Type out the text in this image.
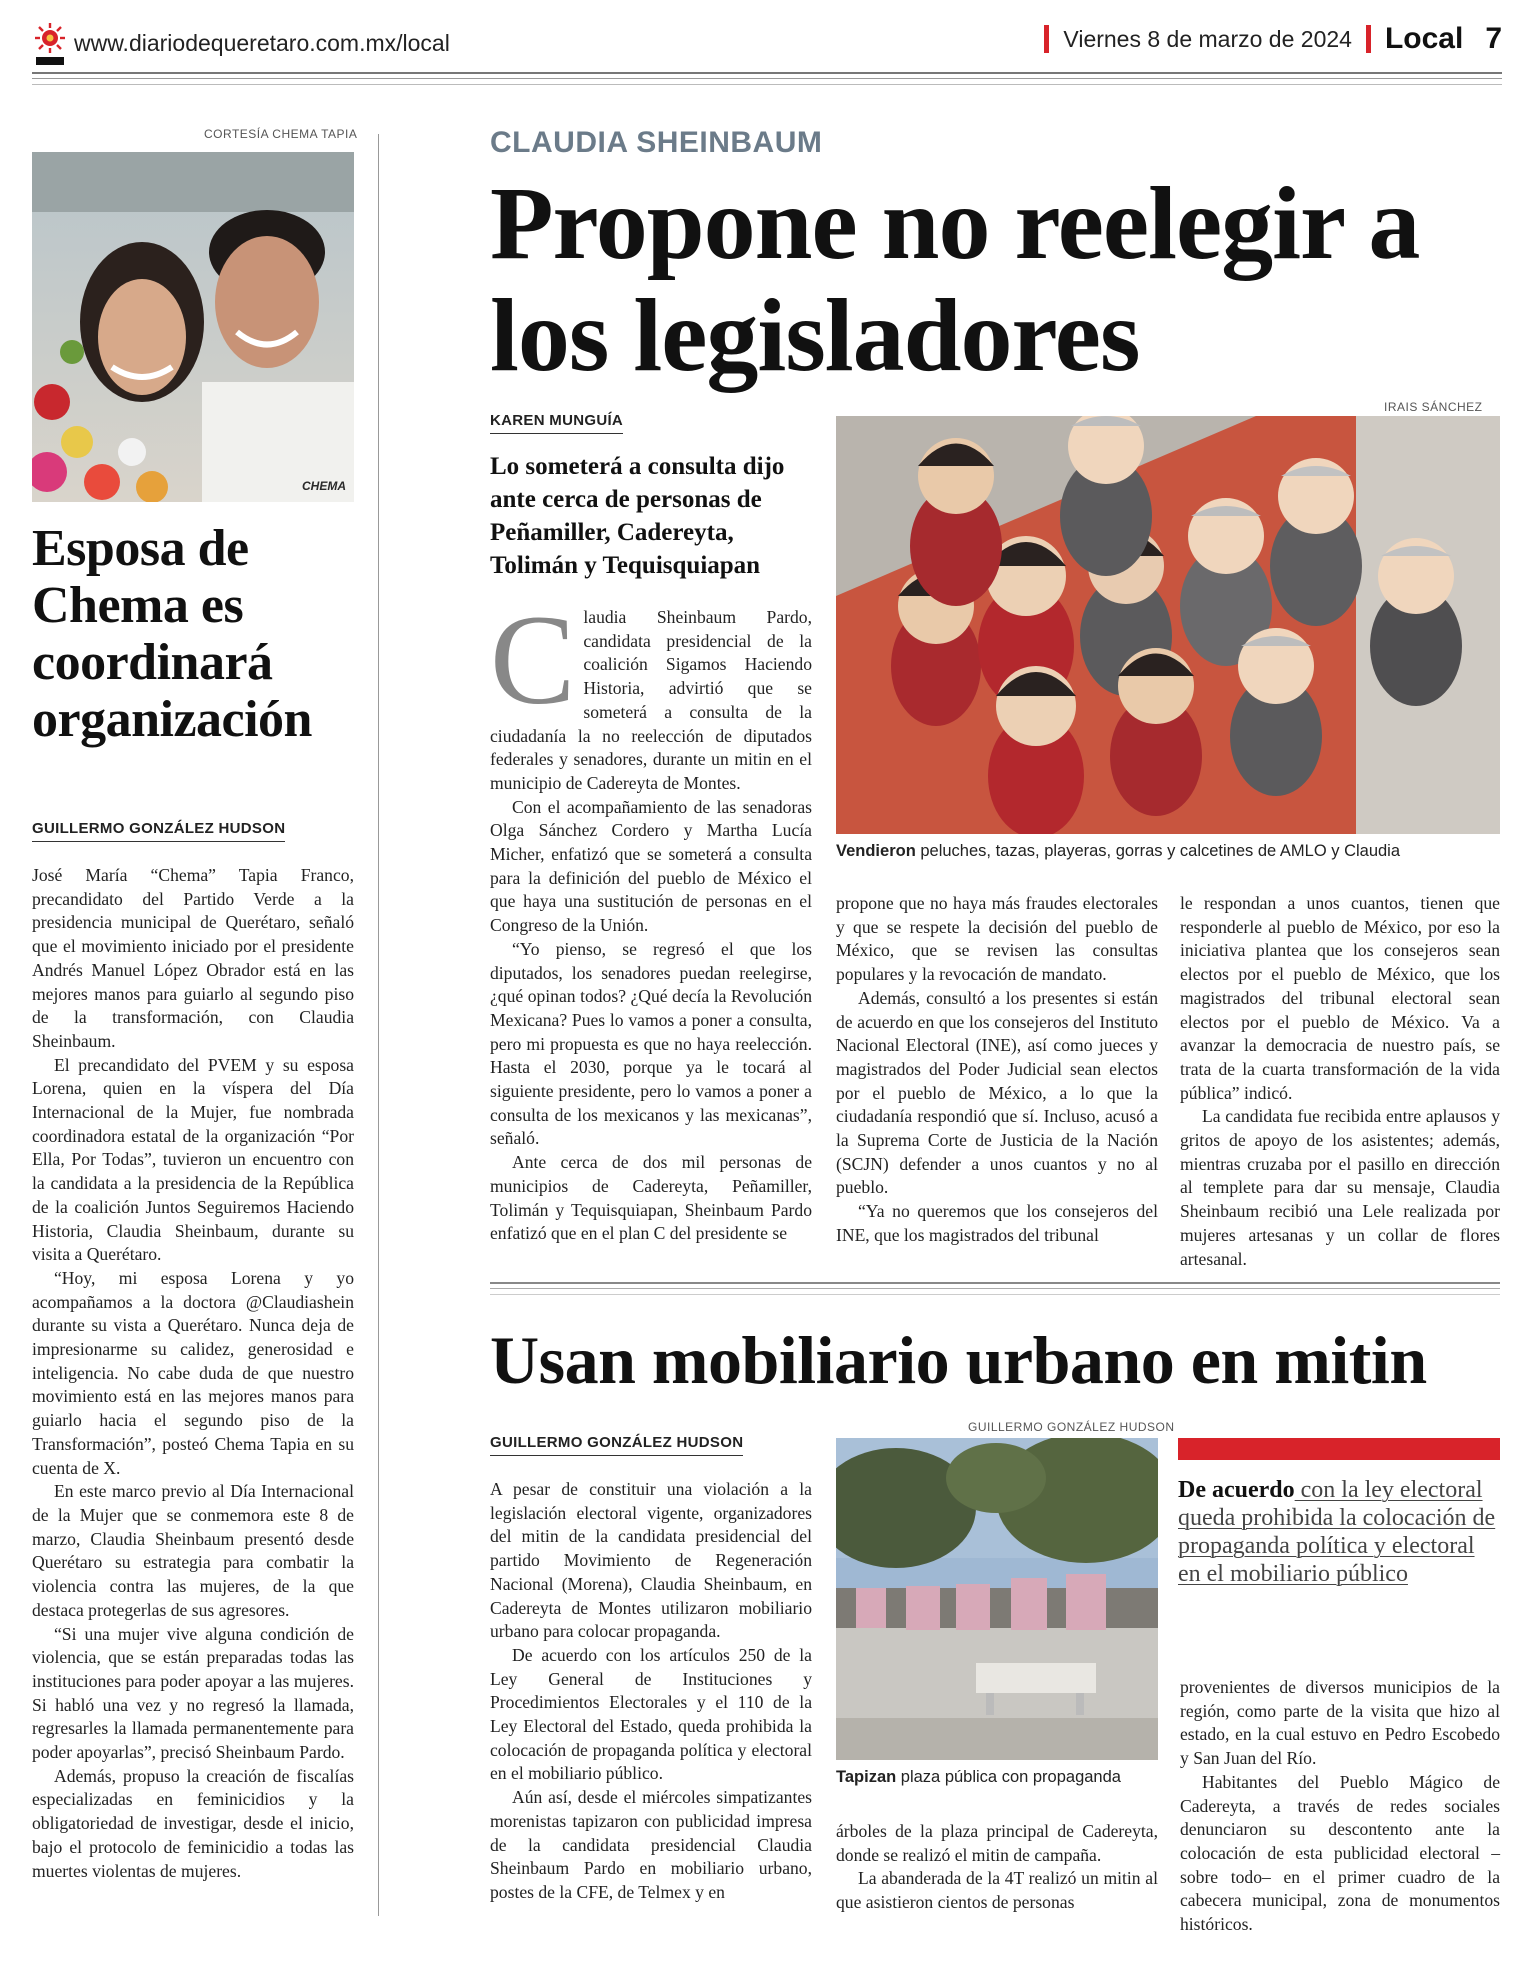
www.diariodequeretaro.com.mx/local	Viernes 8 de marzo de 2024 Local 7
CORTESÍA CHEMA TAPIA
CHEMA
Esposa de Chema es coordinará organización
GUILLERMO GONZÁLEZ HUDSON

José María “Chema” Tapia Franco, precandidato del Partido Verde a la presidencia municipal de Querétaro, señaló que el movimiento iniciado por el presidente Andrés Manuel López Obrador está en las mejores manos para guiarlo al segundo piso de la transformación, con Claudia Sheinbaum.

El precandidato del PVEM y su esposa Lorena, quien en la víspera del Día Internacional de la Mujer, fue nombrada coordinadora estatal de la organización “Por Ella, Por Todas”, tuvieron un encuentro con la candidata a la presidencia de la República de la coalición Juntos Seguiremos Haciendo Historia, Claudia Sheinbaum, durante su visita a Querétaro.

“Hoy, mi esposa Lorena y yo acompañamos a la doctora @Claudiashein durante su vista a Querétaro. Nunca deja de impresionarme su calidez, generosidad e inteligencia. No cabe duda de que nuestro movimiento está en las mejores manos para guiarlo hacia el segundo piso de la Transformación”, posteó Chema Tapia en su cuenta de X.

En este marco previo al Día Internacional de la Mujer que se conmemora este 8 de marzo, Claudia Sheinbaum presentó desde Querétaro su estrategia para combatir la violencia contra las mujeres, de la que destaca protegerlas de sus agresores.

“Si una mujer vive alguna condición de violencia, que se están preparadas todas las instituciones para poder apoyar a las mujeres. Si habló una vez y no regresó la llamada, regresarles la llamada permanentemente para poder apoyarlas”, precisó Sheinbaum Pardo.

Además, propuso la creación de fiscalías especializadas en feminicidios y la obligatoriedad de investigar, desde el inicio, bajo el protocolo de feminicidio a todas las muertes violentas de mujeres.

CLAUDIA SHEINBAUM
Propone no reelegir a los legisladores
KAREN MUNGUÍA
Lo someterá a consulta dijo ante cerca de personas de Peñamiller, Cadereyta, Tolimán y Tequisquiapan

Claudia Sheinbaum Pardo, candidata presidencial de la coalición Sigamos Haciendo Historia, advirtió que se someterá a consulta de la ciudadanía la no reelección de diputados federales y senadores, durante un mitin en el municipio de Cadereyta de Montes.

Con el acompañamiento de las senadoras Olga Sánchez Cordero y Martha Lucía Micher, enfatizó que se someterá a consulta para la definición del pueblo de México el que haya una sustitución de personas en el Congreso de la Unión.

“Yo pienso, se regresó el que los diputados, los senadores puedan reelegirse, ¿qué opinan todos? ¿Qué decía la Revolución Mexicana? Pues lo vamos a poner a consulta, pero mi propuesta es que no haya reelección. Hasta el 2030, porque ya le tocará al siguiente presidente, pero lo vamos a poner a consulta de los mexicanos y las mexicanas”, señaló.

Ante cerca de dos mil personas de municipios de Cadereyta, Peñamiller, Tolimán y Tequisquiapan, Sheinbaum Pardo enfatizó que en el plan C del presidente se

IRAIS SÁNCHEZ
Vendieron peluches, tazas, playeras, gorras y calcetines de AMLO y Claudia

propone que no haya más fraudes electorales y que se respete la decisión del pueblo de México, que se revisen las consultas populares y la revocación de mandato.

Además, consultó a los presentes si están de acuerdo en que los consejeros del Instituto Nacional Electoral (INE), así como jueces y magistrados del Poder Judicial sean electos por el pueblo de México, a lo que la ciudadanía respondió que sí. Incluso, acusó a la Suprema Corte de Justicia de la Nación (SCJN) defender a unos cuantos y no al pueblo.

“Ya no queremos que los consejeros del INE, que los magistrados del tribunal

le respondan a unos cuantos, tienen que responderle al pueblo de México, por eso la iniciativa plantea que los consejeros sean electos por el pueblo de México, que los magistrados del tribunal electoral sean electos por el pueblo de México. Va a avanzar la democracia de nuestro país, se trata de la cuarta transformación de la vida pública” indicó.

La candidata fue recibida entre aplausos y gritos de apoyo de los asistentes; además, mientras cruzaba por el pasillo en dirección al templete para dar su mensaje, Claudia Sheinbaum recibió una Lele realizada por mujeres artesanas y un collar de flores artesanal.

Usan mobiliario urbano en mitin
GUILLERMO GONZÁLEZ HUDSON

A pesar de constituir una violación a la legislación electoral vigente, organizadores del mitin de la candidata presidencial del partido Movimiento de Regeneración Nacional (Morena), Claudia Sheinbaum, en Cadereyta de Montes utilizaron mobiliario urbano para colocar propaganda.

De acuerdo con los artículos 250 de la Ley General de Instituciones y Procedimientos Electorales y el 110 de la Ley Electoral del Estado, queda prohibida la colocación de propaganda política y electoral en el mobiliario público.

Aún así, desde el miércoles simpatizantes morenistas tapizaron con publicidad impresa de la candidata presidencial Claudia Sheinbaum Pardo en mobiliario urbano, postes de la CFE, de Telmex y en

GUILLERMO GONZÁLEZ HUDSON
Tapizan plaza pública con propaganda

árboles de la plaza principal de Cadereyta, donde se realizó el mitin de campaña.

La abanderada de la 4T realizó un mitin al que asistieron cientos de personas

De acuerdo con la ley electoral queda prohibida la colocación de propaganda política y electoral en el mobiliario público

provenientes de diversos municipios de la región, como parte de la visita que hizo al estado, en la cual estuvo en Pedro Escobedo y San Juan del Río.

Habitantes del Pueblo Mágico de Cadereyta, a través de redes sociales denunciaron su descontento ante la colocación de esta publicidad electoral –sobre todo– en el primer cuadro de la cabecera municipal, zona de monumentos históricos.
